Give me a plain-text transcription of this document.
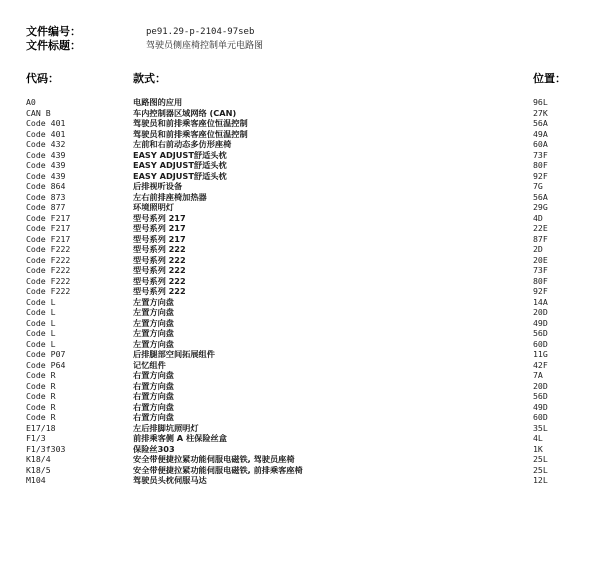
文件编号：	pe91.29-p-2104-97seb
文件标题：	驾驶员侧座椅控制单元电路图
代码：	款式：	位置：
A0	电路图的应用	96L
CAN B	车内控制器区域网络 (CAN)	27K
Code 401	驾驶员和前排乘客座位恒温控制	56A
Code 401	驾驶员和前排乘客座位恒温控制	49A
Code 432	左前和右前动态多仿形座椅	60A
Code 439	EASY ADJUST舒适头枕	73F
Code 439	EASY ADJUST舒适头枕	80F
Code 439	EASY ADJUST舒适头枕	92F
Code 864	后排视听设备	7G
Code 873	左右前排座椅加热器	56A
Code 877	环境照明灯	29G
Code F217	型号系列 217	4D
Code F217	型号系列 217	22E
Code F217	型号系列 217	87F
Code F222	型号系列 222	2D
Code F222	型号系列 222	20E
Code F222	型号系列 222	73F
Code F222	型号系列 222	80F
Code F222	型号系列 222	92F
Code L	左置方向盘	14A
Code L	左置方向盘	20D
Code L	左置方向盘	49D
Code L	左置方向盘	56D
Code L	左置方向盘	60D
Code P07	后排腿部空间拓展组件	11G
Code P64	记忆组件	42F
Code R	右置方向盘	7A
Code R	右置方向盘	20D
Code R	右置方向盘	56D
Code R	右置方向盘	49D
Code R	右置方向盘	60D
E17/18	左后排脚坑照明灯	35L
F1/3	前排乘客侧 A 柱保险丝盒	4L
F1/3f303	保险丝303	1K
K18/4	安全带便捷拉紧功能伺服电磁铁, 驾驶员座椅	25L
K18/5	安全带便捷拉紧功能伺服电磁铁, 前排乘客座椅	25L
M104	驾驶员头枕伺服马达	12L
